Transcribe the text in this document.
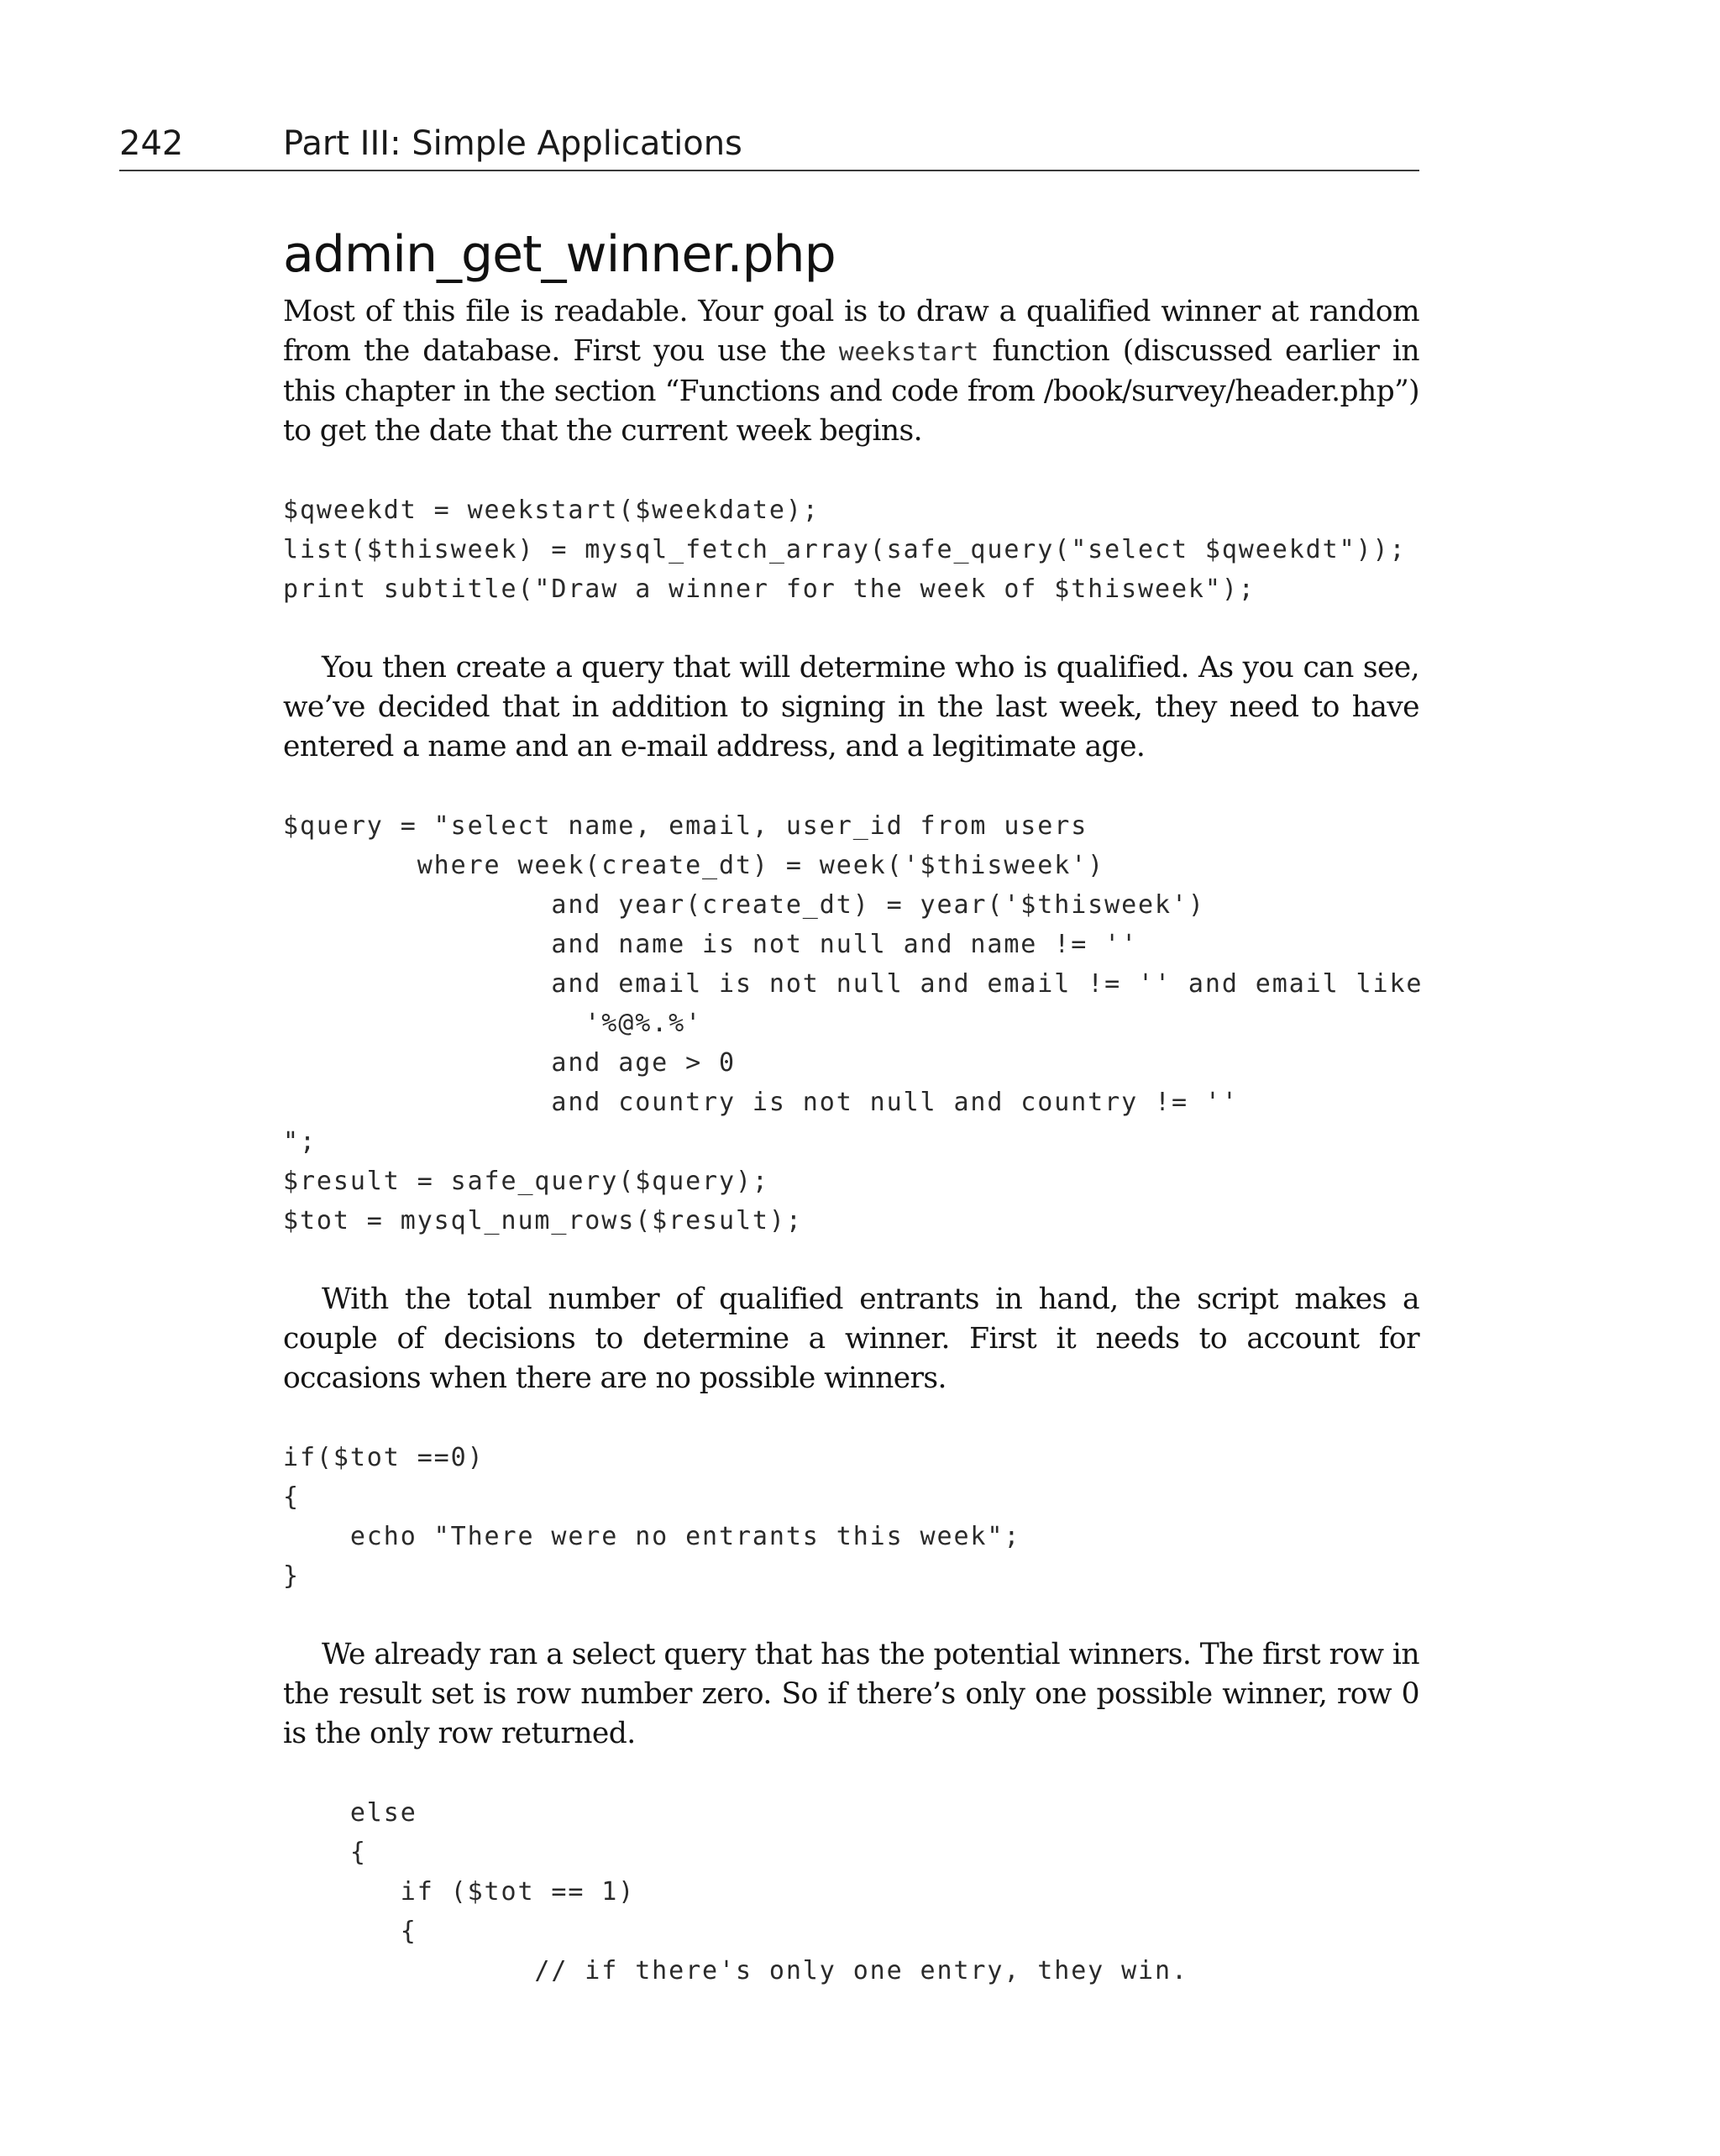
242	Part III: Simple Applications
admin_get_winner.php

Most of this file is readable. Your goal is to draw a qualified winner at random from the database. First you use the weekstart function (discussed earlier in this chapter in the section “Functions and code from /book/survey/header.php”) to get the date that the current week begins.

$qweekdt = weekstart($weekdate);
list($thisweek) = mysql_fetch_array(safe_query("select $qweekdt"));
print subtitle("Draw a winner for the week of $thisweek");

You then create a query that will determine who is qualified. As you can see, we’ve decided that in addition to signing in the last week, they need to have entered a name and an e-mail address, and a legitimate age.

$query = "select name, email, user_id from users
where week(create_dt) = week('$thisweek')
and year(create_dt) = year('$thisweek')
and name is not null and name != ''
and email is not null and email != '' and email like
'%@%.%'
and age > 0
and country is not null and country != ''
";
$result = safe_query($query);
$tot = mysql_num_rows($result);

With the total number of qualified entrants in hand, the script makes a couple of decisions to determine a winner. First it needs to account for occasions when there are no possible winners.

if($tot ==0)
{
echo "There were no entrants this week";
}

We already ran a select query that has the potential winners. The first row in the result set is row number zero. So if there’s only one possible winner, row 0 is the only row returned.

else
{
if ($tot == 1)
{
// if there's only one entry, they win.
